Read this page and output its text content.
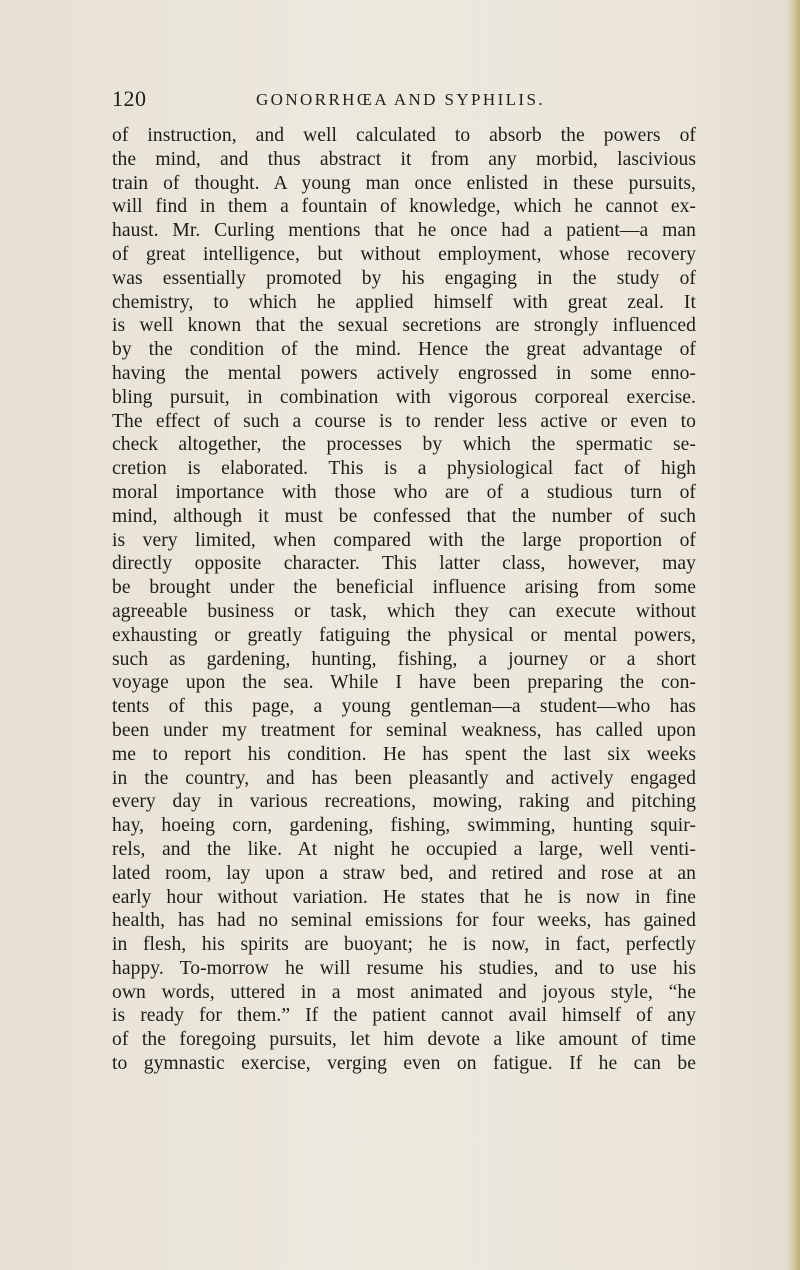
120	GONORRHŒA AND SYPHILIS.
of instruction, and well calculated to absorb the powers of
the mind, and thus abstract it from any morbid, lascivious
train of thought. A young man once enlisted in these pursuits,
will find in them a fountain of knowledge, which he cannot ex-
haust. Mr. Curling mentions that he once had a patient—a man
of great intelligence, but without employment, whose recovery
was essentially promoted by his engaging in the study of
chemistry, to which he applied himself with great zeal. It
is well known that the sexual secretions are strongly influenced
by the condition of the mind. Hence the great advantage of
having the mental powers actively engrossed in some enno-
bling pursuit, in combination with vigorous corporeal exercise.
The effect of such a course is to render less active or even to
check altogether, the processes by which the spermatic se-
cretion is elaborated. This is a physiological fact of high
moral importance with those who are of a studious turn of
mind, although it must be confessed that the number of such
is very limited, when compared with the large proportion of
directly opposite character. This latter class, however, may
be brought under the beneficial influence arising from some
agreeable business or task, which they can execute without
exhausting or greatly fatiguing the physical or mental powers,
such as gardening, hunting, fishing, a journey or a short
voyage upon the sea. While I have been preparing the con-
tents of this page, a young gentleman—a student—who has
been under my treatment for seminal weakness, has called upon
me to report his condition. He has spent the last six weeks
in the country, and has been pleasantly and actively engaged
every day in various recreations, mowing, raking and pitching
hay, hoeing corn, gardening, fishing, swimming, hunting squir-
rels, and the like. At night he occupied a large, well venti-
lated room, lay upon a straw bed, and retired and rose at an
early hour without variation. He states that he is now in fine
health, has had no seminal emissions for four weeks, has gained
in flesh, his spirits are buoyant; he is now, in fact, perfectly
happy. To-morrow he will resume his studies, and to use his
own words, uttered in a most animated and joyous style, “he
is ready for them.” If the patient cannot avail himself of any
of the foregoing pursuits, let him devote a like amount of time
to gymnastic exercise, verging even on fatigue. If he can be
